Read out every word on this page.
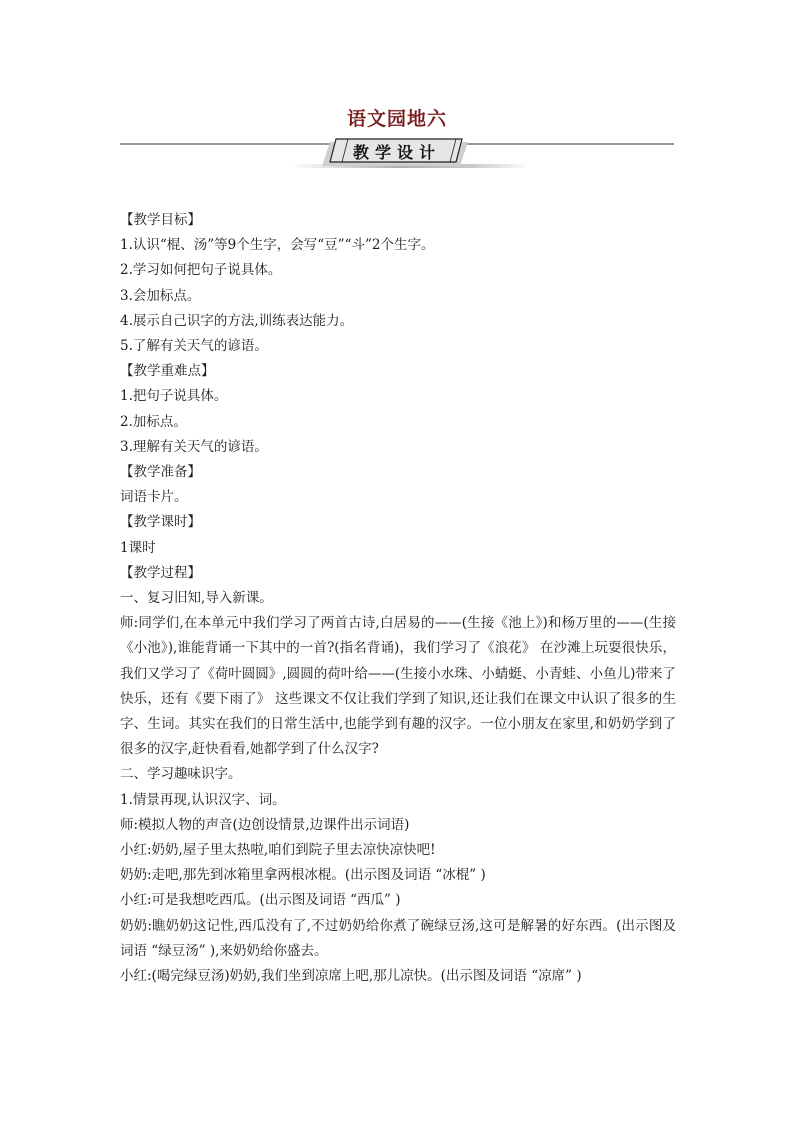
语文园地六
教学设计
【教学目标】
1.认识“棍、汤”等9个生字，会写“豆”“斗”2个生字。
2.学习如何把句子说具体。
3.会加标点。
4.展示自己识字的方法,训练表达能力。
5.了解有关天气的谚语。
【教学重难点】
1.把句子说具体。
2.加标点。
3.理解有关天气的谚语。
【教学准备】
词语卡片。
【教学课时】
1课时
【教学过程】
一、复习旧知,导入新课。
师:同学们,在本单元中我们学习了两首古诗,白居易的——(生接《池上》)和杨万里的——(生接《小池》),谁能背诵一下其中的一首?(指名背诵)，我们学习了《浪花》 在沙滩上玩耍很快乐，我们又学习了《荷叶圆圆》,圆圆的荷叶给——(生接小水珠、小蜻蜓、小青蛙、小鱼儿)带来了快乐，还有《要下雨了》 这些课文不仅让我们学到了知识,还让我们在课文中认识了很多的生字、生词。其实在我们的日常生活中,也能学到有趣的汉字。一位小朋友在家里,和奶奶学到了很多的汉字,赶快看看,她都学到了什么汉字?
二、学习趣味识字。
1.情景再现,认识汉字、词。
师:模拟人物的声音(边创设情景,边课件出示词语)
小红:奶奶,屋子里太热啦,咱们到院子里去凉快凉快吧!
奶奶:走吧,那先到冰箱里拿两根冰棍。(出示图及词语 “冰棍” )
小红:可是我想吃西瓜。(出示图及词语 “西瓜” )
奶奶:瞧奶奶这记性,西瓜没有了,不过奶奶给你煮了碗绿豆汤,这可是解暑的好东西。(出示图及词语 “绿豆汤” ),来奶奶给你盛去。
小红:(喝完绿豆汤)奶奶,我们坐到凉席上吧,那儿凉快。(出示图及词语 “凉席” )
